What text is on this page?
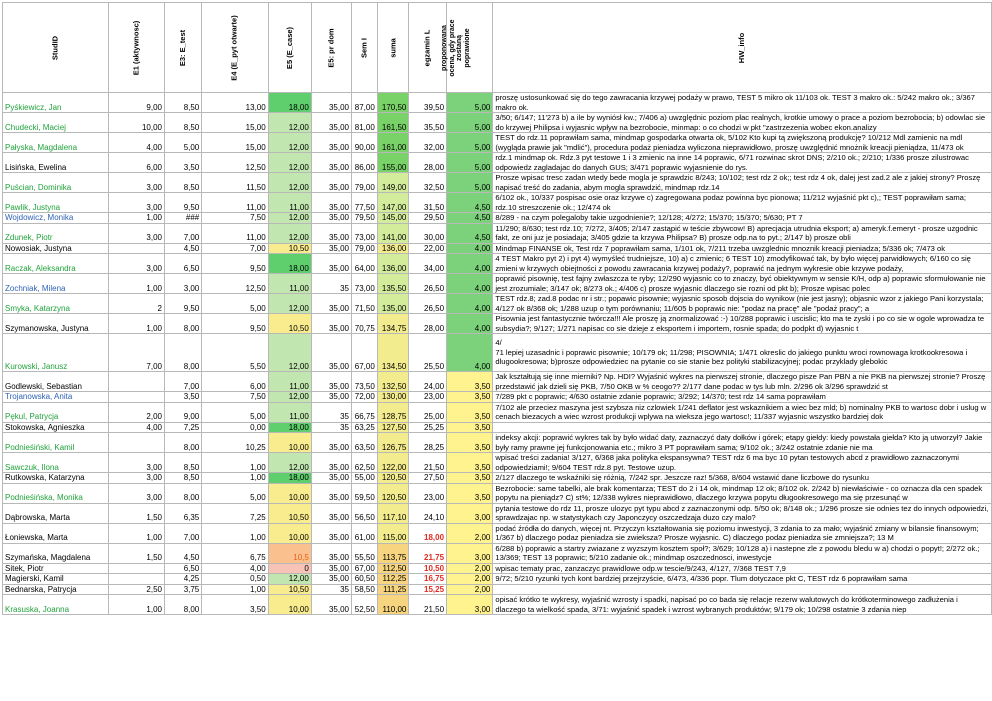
StudID	E1 (aktywnosc)	E3: E_test	E4 (E_pyt otwarte)	E5 (E_case)	E5: pr dom	Sem I	suma	egzamin L	proponowana ocena, gdy prace zostaną poprawione	HW_info

Pyśkiewicz, Jan	9,00	8,50	13,00	18,00	35,00	87,00	170,50	39,50	5,00	proszę ustosunkować się do tego zawracania krzywej podaży w prawo, TEST 5 mikro ok 11/103 ok. TEST 3 makro ok.: 5/242 makro ok.; 3/367 makro ok.
Chudecki, Maciej	10,00	8,50	15,00	12,00	35,00	81,00	161,50	35,50	5,00	3/50; 6/147; 11'273 b) a ile by wyniósł kw.; 7/406 a) uwzględnic poziom płac realnych, krotkie umowy o prace a poziom bezrobocia; b) odowlac sie do krzywej Philipsa i wyjasnic wpływ na bezrobocie, minmap: o co chodzi w pkt "zastrzezenia wobec ekon.analizy
Pałyska, Magdalena	4,00	5,00	15,00	12,00	35,00	90,00	161,00	32,00	5,00	TEST do rdz.11 poprawiłam sama, mindmap gospodarka otwarta ok, 5/102 Kto kupi tą zwiększoną produkcję? 10/212 Mdl zamienic na mdl (wygląda prawie jak "mdlić"), procedura podaż pieniadza wyliczona nieprawidłowo, proszę uwzględnić mnożnik kreacji pieniądza, 11/473 ok
Lisińska, Ewelina	6,00	3,50	12,50	12,00	35,00	86,00	155,00	28,00	5,00	rdz.1 mindmap ok. Rdz.3 pyt testowe 1 i 3 zmienic na inne 14 poprawic, 6/71 rozwinac skrot DNS; 2/210 ok.; 2/210; 1/336 prosze zilustrowac odpowiedz zagladajac do danych GUS; 3/471 poprawic wyjasnienie do rys.
Puścian, Dominika	3,00	8,50	11,50	12,00	35,00	79,00	149,00	32,50	5,00	Prosze wpisac tresc zadan wtedy bede mogla je sprawdzic 8/243; 10/102; test rdz 2 ok;; test rdz 4 ok, dalej jest zad.2 ale z jakiej strony? Proszę napisać treść do zadania, abym mogla sprawdzić, mindmap rdz.14
Pawlik, Justyna	3,00	9,50	11,00	11,00	35,00	77,50	147,00	31,50	4,50	6/102 ok., 10/337 pospisac osie oraz krzywe c) zagregowana podaz powinna byc pionowa; 11/212 wyjaśnić pkt c),; TEST poprawiłam sama; rdz.10 streszczenie ok.; 12/474 ok
Wojdowicz, Monika	1,00	###	7,50	12,00	35,00	79,50	145,00	29,50	4,50	8/289 - na czym polegaloby takie uzgodnienie?; 12/128; 4/272; 15/370; 15/370; 5/630; PT 7
Zdunek, Piotr	3,00	7,00	11,00	12,00	35,00	73,00	141,00	30,00	4,50	11/290; 8/630; test rdz.10; 7/272, 3/405; 2/147 zastąpić w teście zbywcow! B) aprecjacja utrudnia eksport; a) ameryk.f.emeryt - prosze uzgodnic fakt, ze oni juz je posiadaja; 3/405 gdzie ta krzywa Philipsa? B) prosze odp.na to pyt.; 2/147 b) prosze obli
Nowosiak, Justyna		4,50	7,00	10,50	35,00	79,00	136,00	22,00	4,00	Mindmap FINANSE ok, Test rdz 7 poprawiłam sama, 1/101 ok, 7/211 trzeba uwzglednic mnoznik kreacji pieniadza; 5/336 ok; 7/473 ok
Raczak, Aleksandra	3,00	6,50	9,50	18,00	35,00	64,00	136,00	34,00	4,00	4 TEST Makro pyt 2) i pyt 4) wymyśleć trudniejsze, 10) a) c zmienic; 6 TEST 10) zmodyfikować tak, by było więcej parwidłowych; 6/160 co się zmieni w krzywych obiejtności z powodu zawracania krzywej podaży?, poprawić na jednym wykresie obie krzywe podaży,
Zochniak, Milena	1,00	3,00	12,50	11,00	35	73,00	135,50	26,50	4,00	poprawić pisownię, test fajny zwłaszcza te ryby; 12/290 wyjasnic co to znaczy, być obiektywnym w sensie K/H, odp a) poprawic sformułowanie nie jest zrozumiale; 3/147 ok; 8/273 ok.; 4/406 c) prosze wyjasnic dlaczego sie rozni od pkt b); Prosze wpisac polec
Smyka, Katarzyna	2	9,50	5,00	12,00	35,00	71,50	135,00	26,50	4,00	TEST rdz.8; zad.8 podac nr i str.; popawic pisownie; wyjasnic sposob dojscia do wynikow (nie jest jasny); objasnic wzor z jakiego Pani korzystala; 4/127 ok 8/368 ok; 1/288 uzup o tym porównaniu; 11/605 b poprawic nie: "podaz na pracę" ale "podaż pracy"; a
Szymanowska, Justyna	1,00	8,00	9,50	10,50	35,00	70,75	134,75	28,00	4,00	Pisownia jest fantastycznie twórcza!!! Ale proszę ją znormalizować :-) 10/288 poprawic i uscislic; kto ma te zyski i po co sie w ogole wprowadza te subsydia?; 9/127; 1/271 napisac co sie dzieje z eksportem i importem, rosnie spada; do podpkt d) wyjasnic t
Kurowski, Janusz	7,00	8,00	5,50	12,00	35,00	67,00	134,50	25,50	4,00	4/
71 lepiej uzasadnic i poprawic pisownie; 10/179 ok; 11/298; PISOWNIA; 1/471 okreslic do jakiego punktu wroci rownowaga krotkookresowa i dlugookresowa; b)prosze odpowiedziec na pytanie co sie stanie bez polityki stabilizacyjnej; podac przyklady glebokic
Godlewski, Sebastian		7,00	6,00	11,00	35,00	73,50	132,50	24,00	3,50	Jak kształtują się inne mierniki? Np. HDI? Wyjaśnić wykres na pierwszej stronie, dlaczego pisze Pan PBN a nie PKB na pierwszej stronie? Proszę przedstawić jak dzieli się PKB, 7/50 OKB w % ceogo?? 2/177 dane podac w tys lub mln. 2/296 ok 3/296 sprawdzić st
Trojanowska, Anita		3,50	7,50	12,00	35,00	72,00	130,00	23,00	3,50	7/289 pkt c poprawic; 4/630 ostatnie zdanie poprawic; 3/292; 14/370; test rdz 14 sama poprawiłam
Pękul, Patrycja	2,00	9,00	5,00	11,00	35	66,75	128,75	25,00	3,50	7/102 ale przeciez maszyna jest szybsza niz czlowiek 1/241 deflator jest wskaznikiem a wiec bez mld; b) nominalny PKB to wartosc dobr i uslug w cenach biezacych a wiec wzrost produkcji wplywa na wieksza jego wartosc!; 11/337 wyjasnic wszystko bardziej dok
Stokowska, Agnieszka	4,00	7,25	0,00	18,00	35	63,25	127,50	25,25	3,50	
Podnieśiński, Kamil		8,00	10,25	10,00	35,00	63,50	126,75	28,25	3,50	indeksy akcji: poprawić wykres tak by było widać daty, zaznaczyć daty dołków i górek; etapy giełdy: kiedy powstała giełda? Kto ją utworzył? Jakie były ramy prawne jej funkcjonowania etc.; mikro 3 PT poprawiłam sama; 9/102 ok.; 3/242 ostatnie zdanie nie ma
Sawczuk, Ilona	3,00	8,50	1,00	12,00	35,00	62,50	122,00	21,50	3,50	wpisać treści zadania! 3/127, 6/368 jaka polityka ekspansywna? TEST rdz 6 ma byc 10 pytan testowych abcd z prawidłowo zaznaczonymi odpowiedziami!; 9/604 TEST rdz.8 pyt. Testowe uzup.
Rutkowska, Katarzyna	3,00	8,50	1,00	18,00	35,00	55,00	120,50	27,50	3,50	2/127 dlaczego te wskaźniki się różnią, 7/242 spr. Jeszcze raz! 5/368, 8/604 wstawić dane liczbowe do rysunku
Podnieśińska, Monika	3,00	8,00	5,00	10,00	35,00	59,50	120,50	23,00	3,50	Bezrobocie: same tabelki, ale brak komentarza; TEST do 2 i 14 ok, mindmap 12 ok; 8/102 ok. 2/242 b) niewłaściwie - co oznacza dla cen spadek popytu na pieniądz? C) st%; 12/338 wykres nieprawidłowo, dlaczego krzywa popytu długookresowego ma się przesunąć w
Dąbrowska, Marta	1,50	6,35	7,25	10,50	35,00	56,50	117,10	24,10	3,00	pytania testowe do rdz 11, prosze ulozyc pyt typu abcd z zaznaczonymi odp. 5/50 ok; 8/148 ok.; 1/296 prosze sie odnies tez do innych odpowiedzi, sprawdzajac np. w statystykach czy Japonczycy oszczedzaja duzo czy malo?
Łoniewska, Marta	1,00	7,00	1,00	10,00	35,00	61,00	115,00	18,00	2,00	podać źródła do danych, więcej nt. Przyczyn kształtowania się poziomu inwestycji, 3 zdania to za mało; wyjaśnić zmiany w bilansie finansowym; 1/367 b) dlaczego podaz pieniadza sie zwieksza? Prosze wyjasnic. C) dlaczego podaz pieniadza sie zmniejsza?; 13 M
Szymańska, Magdalena	1,50	4,50	6,75	10,5	35,00	55,50	113,75	21,75	3,00	6/288 b) poprawic a startry zwiazane z wyzszym kosztem społ?; 3/629; 10/128 a) i nastepne zle z powodu bledu w a) chodzi o popyt!; 2/272 ok.; 13/369; TEST 13 poprawic; 5/210 zadanie ok.; mindmap oszczednosci, inwestycje
Sitek, Piotr		6,50	4,00	0	35,00	67,00	112,50	10,50	2,00	wpisac tematy prac, zanzaczyc prawidlowe odp.w tescie/9/243, 4/127, 7/368 TEST 7,9
Magierski, Kamil		4,25	0,50	12,00	35,00	60,50	112,25	16,75	2,00	9/72; 5/210 ryzunki tych kont bardziej przejrzyście, 6/473, 4/336 popr. Tlum dotyczace pkt C, TEST rdz 6 poprawiłam sama
Bednarska, Patrycja	2,50	3,75	1,00	10,50	35	58,50	111,25	15,25	2,00	
Krasuska, Joanna	1,00	8,00	3,50	10,00	35,00	52,50	110,00	21,50	3,00	opisać krótko te wykresy, wyjaśnić wzrosty i spadki, napisać po co bada się relacje rezerw walutowych do krótkoterminowego zadłużenia i dlaczego ta wielkość spada, 3/71: wyjaśnić spadek i wzrost wybranych produktów; 9/179 ok; 10/298 ostatnie 3 zdania niep
